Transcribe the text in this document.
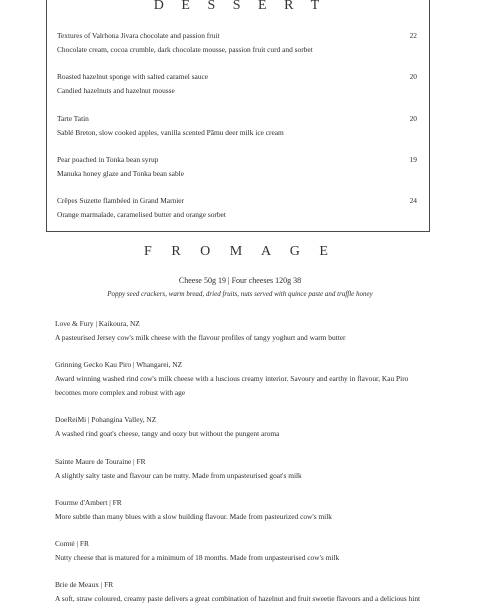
D E S S E R T
Textures of Valrhona Jivara chocolate and passion fruit
Chocolate cream, cocoa crumble, dark chocolate mousse, passion fruit curd and sorbet
22
Roasted hazelnut sponge with salted caramel sauce
Candied hazelnuts and hazelnut mousse
20
Tarte Tatin
Sablé Breton, slow cooked apples, vanilla scented Pāmu deer milk ice cream
20
Pear poached in Tonka bean syrup
Manuka honey glaze and Tonka bean sable
19
Crêpes Suzette flambéed in Grand Marnier
Orange marmalade, caramelised butter and orange sorbet
24
F R O M A G E
Cheese 50g 19 | Four cheeses 120g 38
Poppy seed crackers, warm bread, dried fruits, nuts served with quince paste and truffle honey
Love & Fury | Kaikoura, NZ
A pasteurised Jersey cow's milk cheese with the flavour profiles of tangy yoghurt and warm butter
Grinning Gecko Kau Piro | Whangarei, NZ
Award winning washed rind cow's milk cheese with a luscious creamy interior. Savoury and earthy in flavour, Kau Piro becomes more complex and robust with age
DoeReiMi | Pohangina Valley, NZ
A washed rind goat's cheese, tangy and oozy but without the pungent aroma
Sainte Maure de Touraine | FR
A slightly salty taste and flavour can be nutty. Made from unpasteurised goat's milk
Fourme d'Ambert | FR
More subtle than many blues with a slow building flavour. Made from pasteurized cow's milk
Comté | FR
Nutty cheese that is matured for a minimum of 18 months. Made from unpasteurised cow's milk
Brie de Meaux | FR
A soft, straw coloured, creamy paste delivers a great combination of hazelnut and fruit sweetie flavours and a delicious hint
